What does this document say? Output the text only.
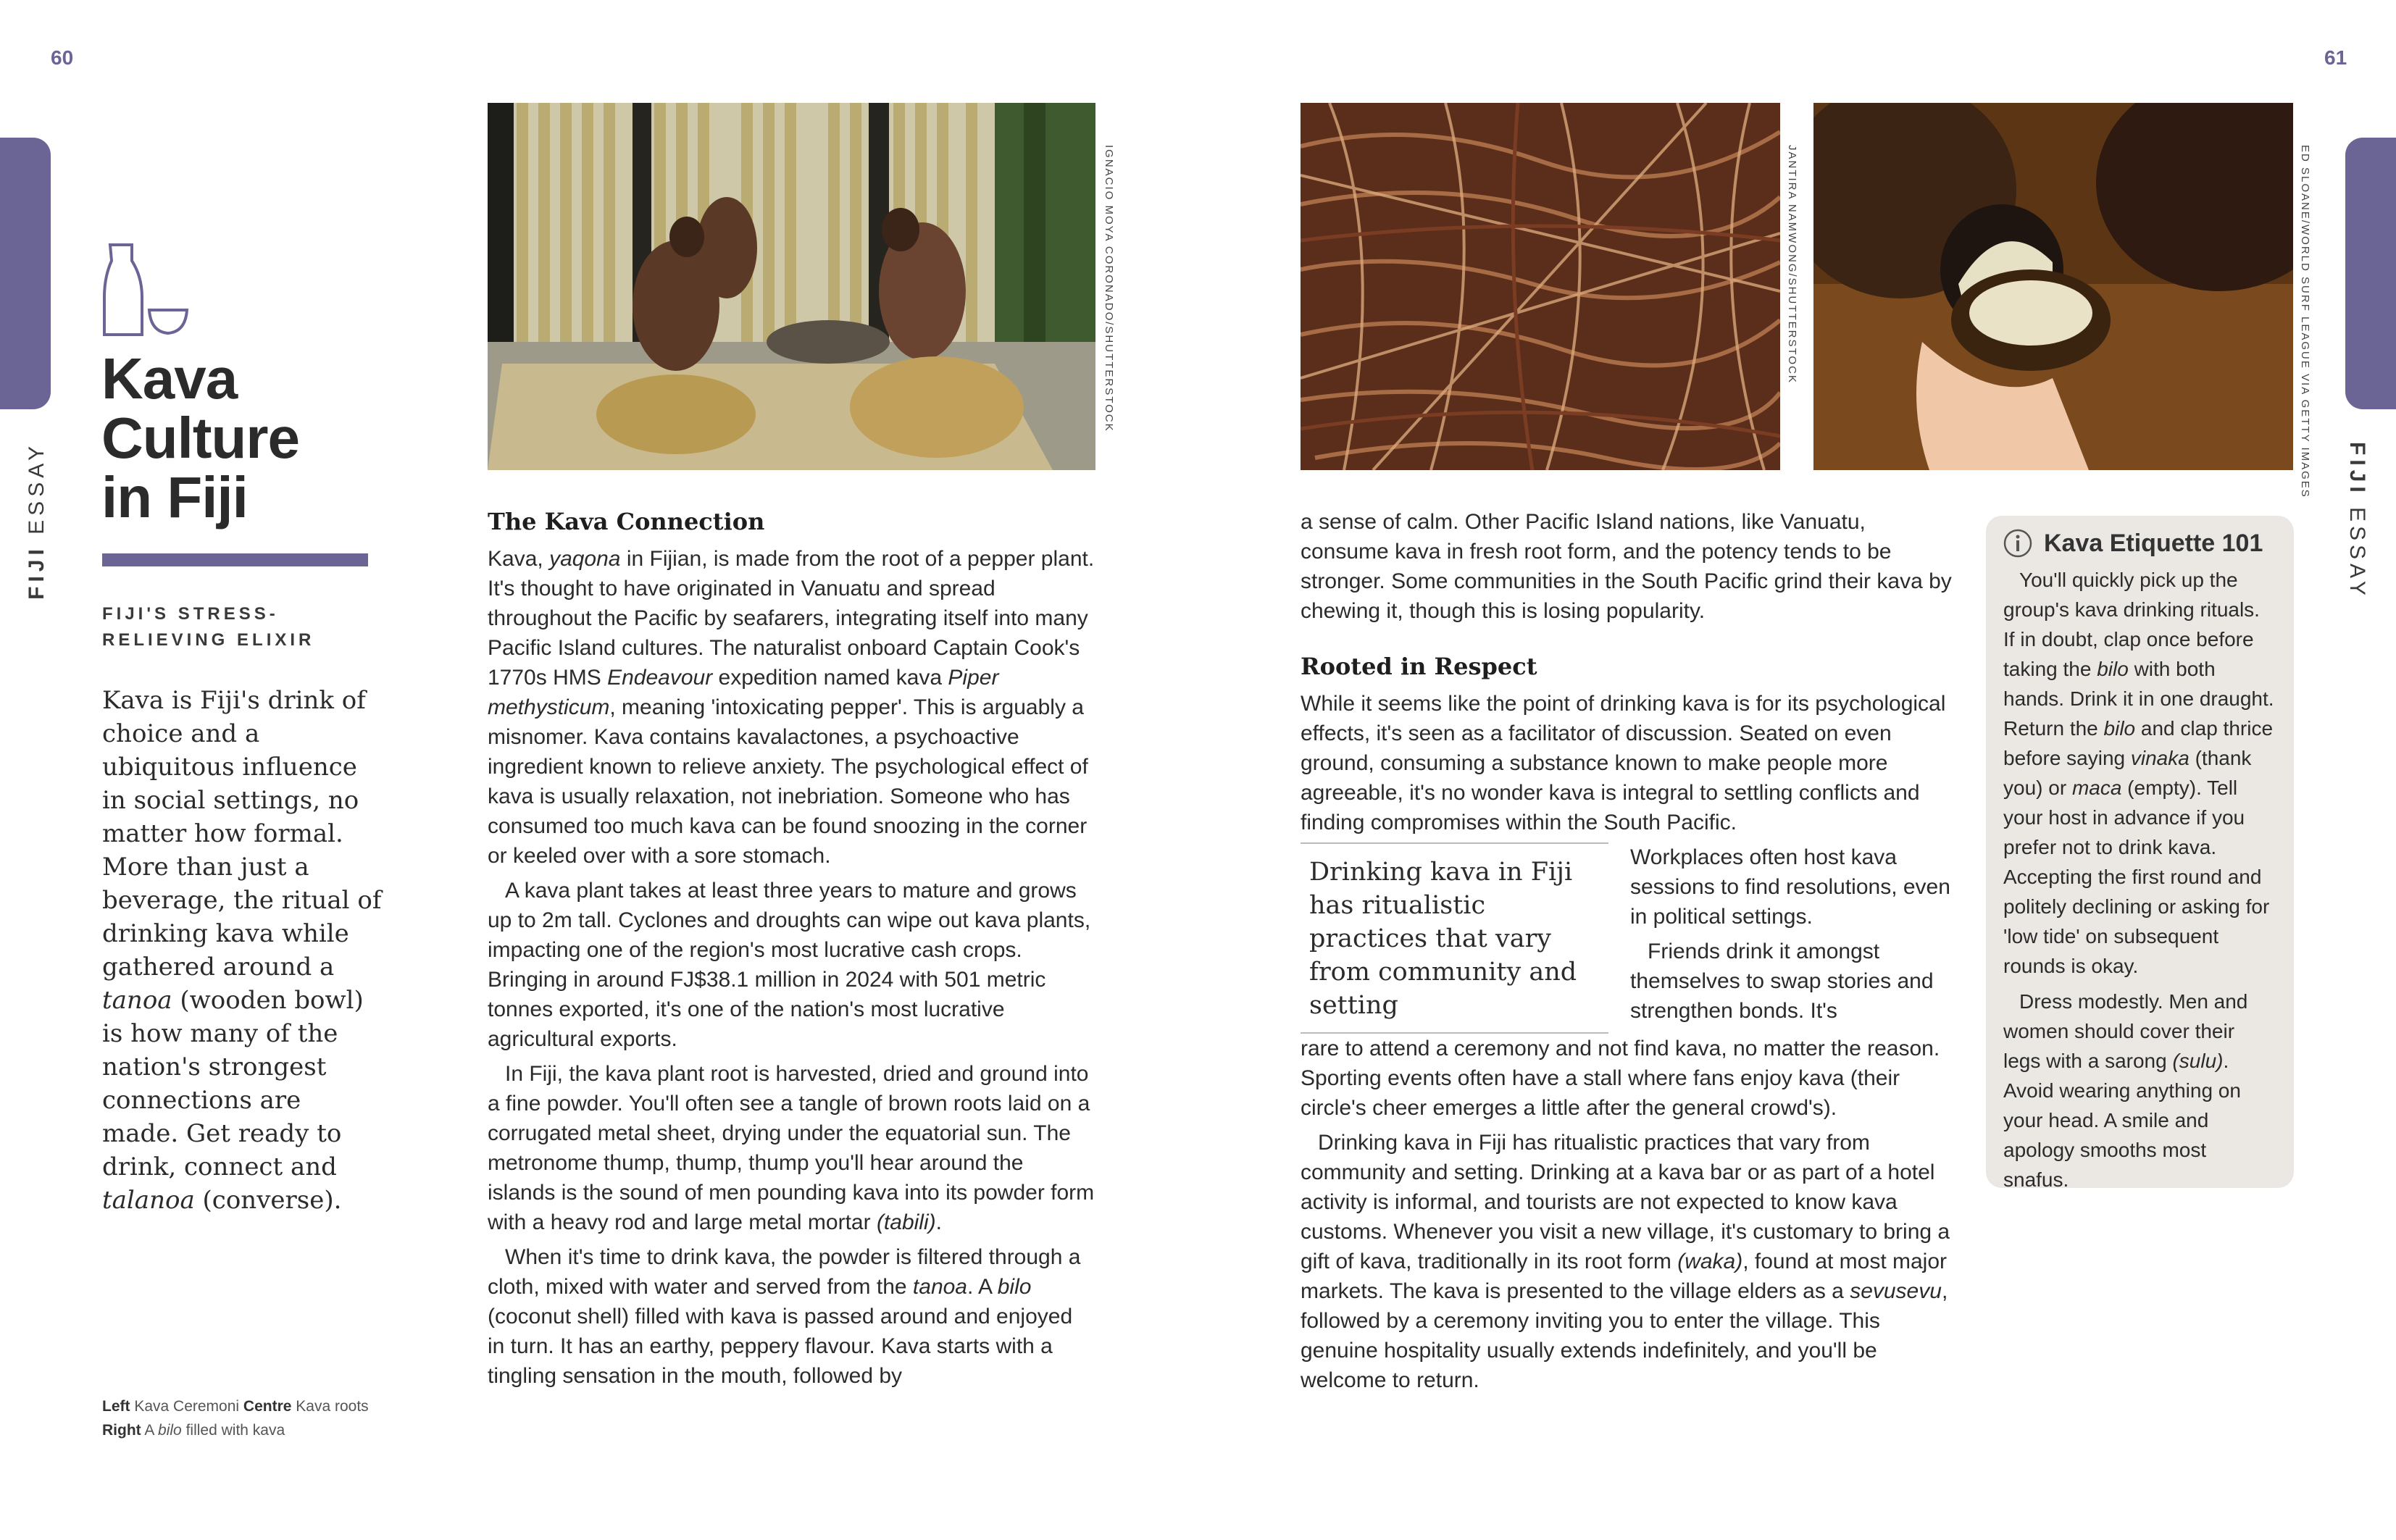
60	61
FIJI ESSAY	FIJI ESSAY
Kava
Culture
in Fiji
FIJI'S STRESS-
RELIEVING ELIXIR
Kava is Fiji's drink of choice and a ubiquitous influence in social settings, no matter how formal. More than just a beverage, the ritual of drinking kava while gathered around a tanoa (wooden bowl) is how many of the nation's strongest connections are made. Get ready to drink, connect and talanoa (converse).
Left Kava Ceremoni Centre Kava roots
Right A bilo filled with kava
IGNACIO MOYA CORONADO/SHUTTERSTOCK	JANTIRA NAMWONG/SHUTTERSTOCK	ED SLOANE/WORLD SURF LEAGUE VIA GETTY IMAGES
The Kava Connection

Kava, yaqona in Fijian, is made from the root of a pepper plant. It's thought to have originated in Vanuatu and spread throughout the Pacific by seafarers, integrating itself into many Pacific Island cultures. The naturalist onboard Captain Cook's 1770s HMS Endeavour expedition named kava Piper methysticum, meaning 'intoxicating pepper'. This is arguably a misnomer. Kava contains kavalactones, a psychoactive ingredient known to relieve anxiety. The psychological effect of kava is usually relaxation, not inebriation. Someone who has consumed too much kava can be found snoozing in the corner or keeled over with a sore stomach.

A kava plant takes at least three years to mature and grows up to 2m tall. Cyclones and droughts can wipe out kava plants, impacting one of the region's most lucrative cash crops. Bringing in around FJ$38.1 million in 2024 with 501 metric tonnes exported, it's one of the nation's most lucrative agricultural exports.

In Fiji, the kava plant root is harvested, dried and ground into a fine powder. You'll often see a tangle of brown roots laid on a corrugated metal sheet, drying under the equatorial sun. The metronome thump, thump, thump you'll hear around the islands is the sound of men pounding kava into its powder form with a heavy rod and large metal mortar (tabili).

When it's time to drink kava, the powder is filtered through a cloth, mixed with water and served from the tanoa. A bilo (coconut shell) filled with kava is passed around and enjoyed in turn. It has an earthy, peppery flavour. Kava starts with a tingling sensation in the mouth, followed by

a sense of calm. Other Pacific Island nations, like Vanuatu, consume kava in fresh root form, and the potency tends to be stronger. Some communities in the South Pacific grind their kava by chewing it, though this is losing popularity.

Rooted in Respect

While it seems like the point of drinking kava is for its psychological effects, it's seen as a facilitator of discussion. Seated on even ground, consuming a substance known to make people more agreeable, it's no wonder kava is integral to settling conflicts and finding compromises within the South Pacific.

Drinking kava in Fiji has ritualistic practices that vary from community and setting

Workplaces often host kava sessions to find resolutions, even in political settings.

Friends drink it amongst themselves to swap stories and strengthen bonds. It's

rare to attend a ceremony and not find kava, no matter the reason. Sporting events often have a stall where fans enjoy kava (their circle's cheer emerges a little after the general crowd's).

Drinking kava in Fiji has ritualistic practices that vary from community and setting. Drinking at a kava bar or as part of a hotel activity is informal, and tourists are not expected to know kava customs. Whenever you visit a new village, it's customary to bring a gift of kava, traditionally in its root form (waka), found at most major markets. The kava is presented to the village elders as a sevusevu, followed by a ceremony inviting you to enter the village. This genuine hospitality usually extends indefinitely, and you'll be welcome to return.

Kava Etiquette 101

You'll quickly pick up the group's kava drinking rituals. If in doubt, clap once before taking the bilo with both hands. Drink it in one draught. Return the bilo and clap thrice before saying vinaka (thank you) or maca (empty). Tell your host in advance if you prefer not to drink kava. Accepting the first round and politely declining or asking for 'low tide' on subsequent rounds is okay.

Dress modestly. Men and women should cover their legs with a sarong (sulu). Avoid wearing anything on your head. A smile and apology smooths most snafus.
